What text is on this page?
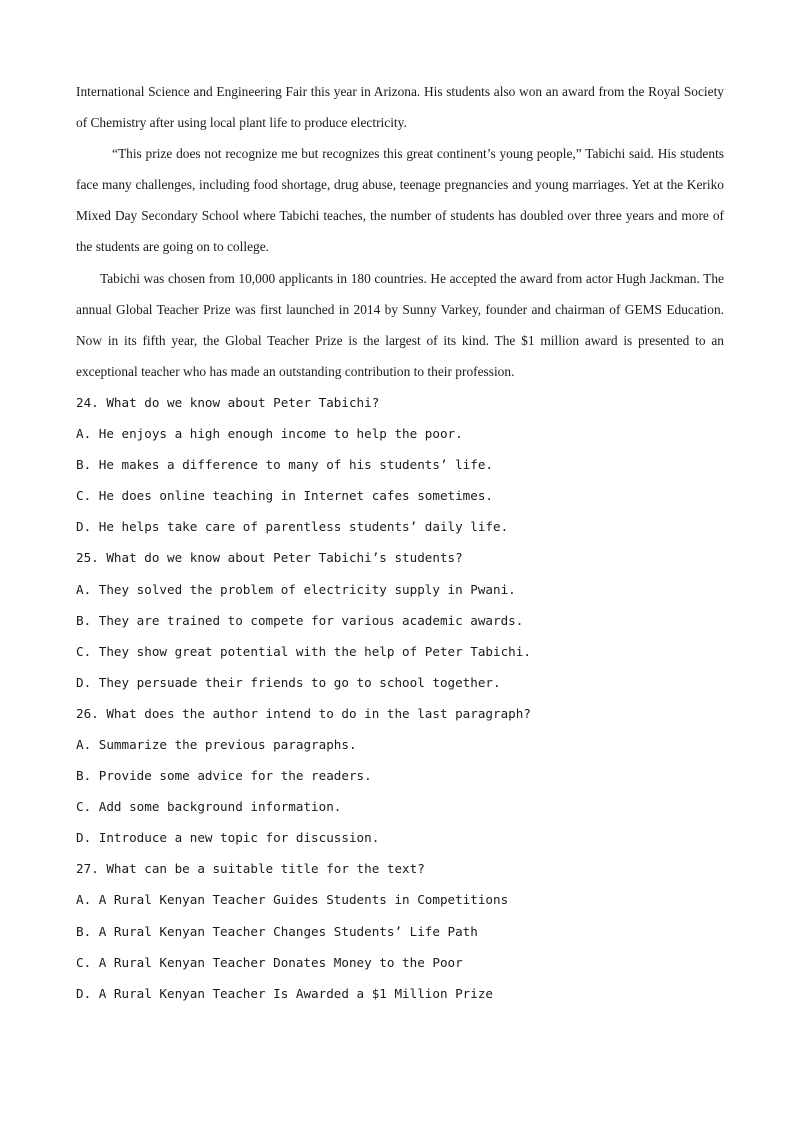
International Science and Engineering Fair this year in Arizona. His students also won an award from the Royal Society of Chemistry after using local plant life to produce electricity.

“This prize does not recognize me but recognizes this great continent’s young people,” Tabichi said. His students face many challenges, including food shortage, drug abuse, teenage pregnancies and young marriages. Yet at the Keriko Mixed Day Secondary School where Tabichi teaches, the number of students has doubled over three years and more of the students are going on to college.

Tabichi was chosen from 10,000 applicants in 180 countries. He accepted the award from actor Hugh Jackman. The annual Global Teacher Prize was first launched in 2014 by Sunny Varkey, founder and chairman of GEMS Education. Now in its fifth year, the Global Teacher Prize is the largest of its kind. The $1 million award is presented to an exceptional teacher who has made an outstanding contribution to their profession.

24. What do we know about Peter Tabichi?

A. He enjoys a high enough income to help the poor.

B. He makes a difference to many of his students’ life.

C. He does online teaching in Internet cafes sometimes.

D. He helps take care of parentless students’ daily life.

25. What do we know about Peter Tabichi’s students?

A. They solved the problem of electricity supply in Pwani.

B. They are trained to compete for various academic awards.

C. They show great potential with the help of Peter Tabichi.

D. They persuade their friends to go to school together.

26. What does the author intend to do in the last paragraph?

A. Summarize the previous paragraphs.

B. Provide some advice for the readers.

C. Add some background information.

D. Introduce a new topic for discussion.

27. What can be a suitable title for the text?

A. A Rural Kenyan Teacher Guides Students in Competitions

B. A Rural Kenyan Teacher Changes Students’ Life Path

C. A Rural Kenyan Teacher Donates Money to the Poor

D. A Rural Kenyan Teacher Is Awarded a $1 Million Prize
